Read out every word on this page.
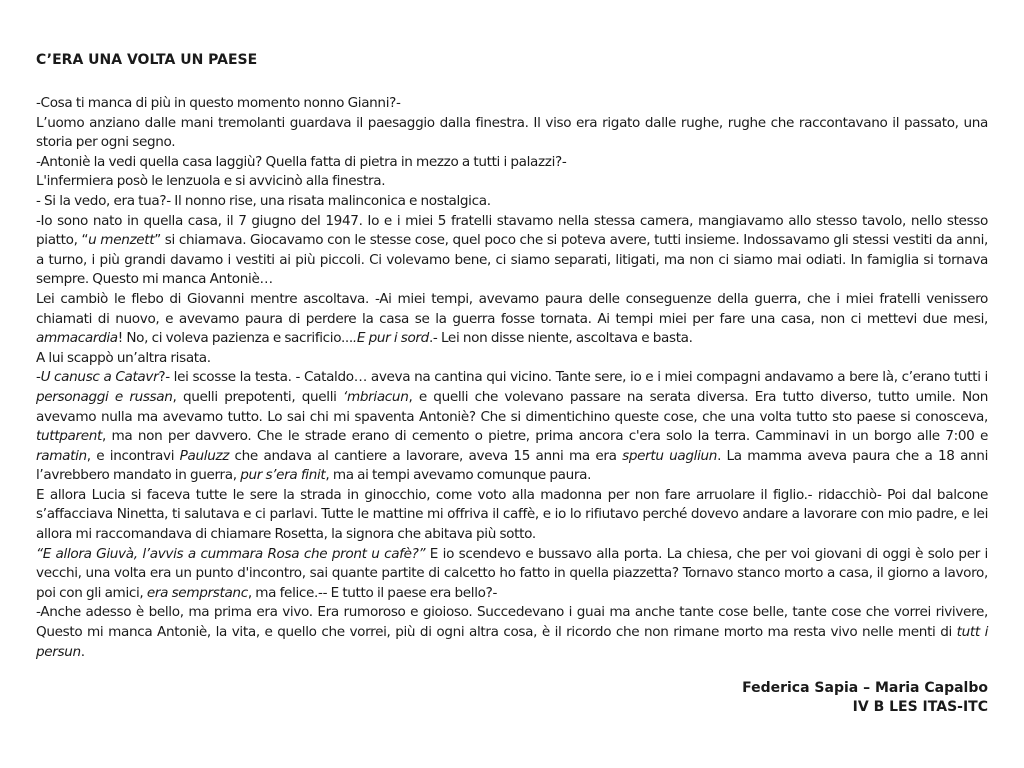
C’ERA UNA VOLTA UN PAESE

-Cosa ti manca di più in questo momento nonno Gianni?-

L’uomo anziano dalle mani tremolanti guardava il paesaggio dalla finestra. Il viso era rigato dalle rughe, rughe che raccontavano il passato, una storia per ogni segno.

-Antoniè la vedi quella casa laggiù? Quella fatta di pietra in mezzo a tutti i palazzi?-

L'infermiera posò le lenzuola e si avvicinò alla finestra.

- Si la vedo, era tua?- Il nonno rise, una risata malinconica e nostalgica.

-Io sono nato in quella casa, il 7 giugno del 1947. Io e i miei 5 fratelli stavamo nella stessa camera, mangiavamo allo stesso tavolo, nello stesso piatto, “u menzett” si chiamava. Giocavamo con le stesse cose, quel poco che si poteva avere, tutti insieme. Indossavamo gli stessi vestiti da anni, a turno, i più grandi davamo i vestiti ai più piccoli. Ci volevamo bene, ci siamo separati, litigati, ma non ci siamo mai odiati. In famiglia si tornava sempre. Questo mi manca Antoniè…

Lei cambiò le flebo di Giovanni mentre ascoltava. -Ai miei tempi, avevamo paura delle conseguenze della guerra, che i miei fratelli venissero chiamati di nuovo, e avevamo paura di perdere la casa se la guerra fosse tornata. Ai tempi miei per fare una casa, non ci mettevi due mesi, ammacardia! No, ci voleva pazienza e sacrificio....E pur i sord.- Lei non disse niente, ascoltava e basta.

A lui scappò un’altra risata.

-U canusc a Catavr?- lei scosse la testa. - Cataldo… aveva na cantina qui vicino. Tante sere, io e i miei compagni andavamo a bere là, c’erano tutti i personaggi e russan, quelli prepotenti, quelli ‘mbriacun, e quelli che volevano passare na serata diversa. Era tutto diverso, tutto umile. Non avevamo nulla ma avevamo tutto. Lo sai chi mi spaventa Antoniè? Che si dimentichino queste cose, che una volta tutto sto paese si conosceva, tuttparent, ma non per davvero. Che le strade erano di cemento o pietre, prima ancora c'era solo la terra. Camminavi in un borgo alle 7:00 e ramatin, e incontravi Pauluzz che andava al cantiere a lavorare, aveva 15 anni ma era spertu uagliun. La mamma aveva paura che a 18 anni l’avrebbero mandato in guerra, pur s’era finit, ma ai tempi avevamo comunque paura.

E allora Lucia si faceva tutte le sere la strada in ginocchio, come voto alla madonna per non fare arruolare il figlio.- ridacchiò- Poi dal balcone s’affacciava Ninetta, ti salutava e ci parlavi. Tutte le mattine mi offriva il caffè, e io lo rifiutavo perché dovevo andare a lavorare con mio padre, e lei allora mi raccomandava di chiamare Rosetta, la signora che abitava più sotto.

“E allora Giuvà, l’avvis a cummara Rosa che pront u cafè?” E io scendevo e bussavo alla porta. La chiesa, che per voi giovani di oggi è solo per i vecchi, una volta era un punto d'incontro, sai quante partite di calcetto ho fatto in quella piazzetta? Tornavo stanco morto a casa, il giorno a lavoro, poi con gli amici, era semprstanc, ma felice.-- E tutto il paese era bello?-

-Anche adesso è bello, ma prima era vivo. Era rumoroso e gioioso. Succedevano i guai ma anche tante cose belle, tante cose che vorrei rivivere, Questo mi manca Antoniè, la vita, e quello che vorrei, più di ogni altra cosa, è il ricordo che non rimane morto ma resta vivo nelle menti di tutt i persun.

Federica Sapia – Maria Capalbo
IV B LES ITAS-ITC
